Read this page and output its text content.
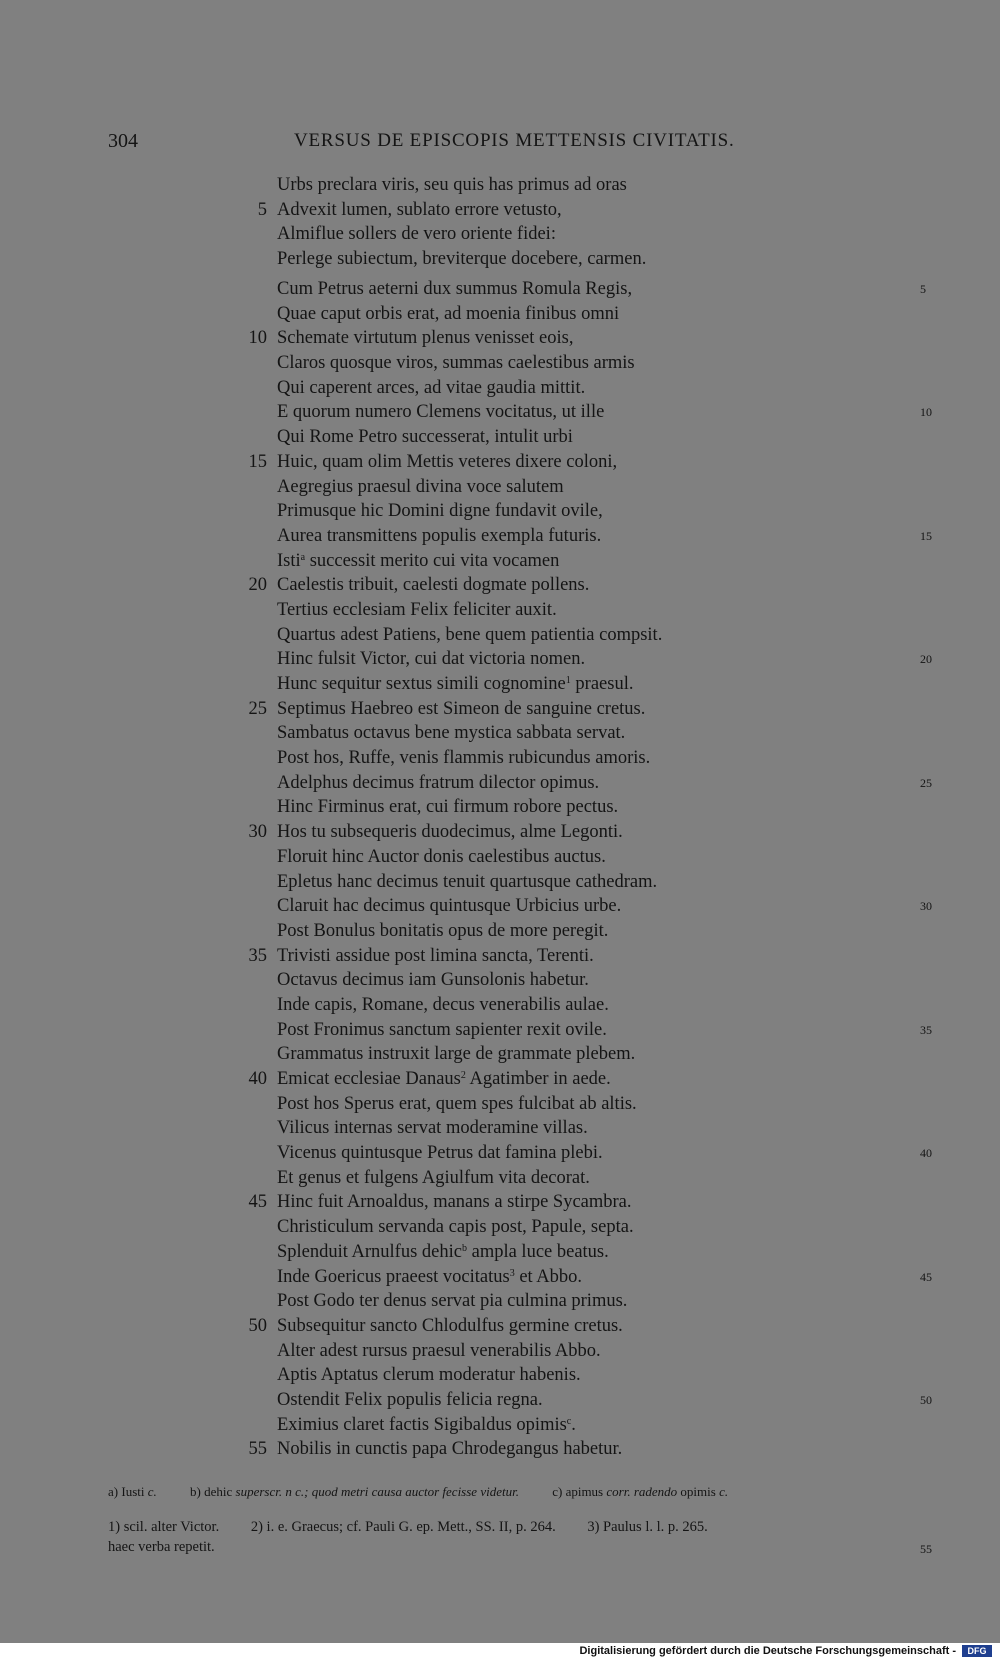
304	VERSUS DE EPISCOPIS METTENSIS CIVITATIS.
Urbs preclara viris, seu quis has primus ad oras
5 Advexit lumen, sublato errore vetusto,
Almiflue sollers de vero oriente fidei:
Perlege subiectum, breviterque docebere, carmen.
Cum Petrus aeterni dux summus Romula Regis,	5
Quae caput orbis erat, ad moenia finibus omni
10 Schemate virtutum plenus venisset eois,
Claros quosque viros, summas caelestibus armis
Qui caperent arces, ad vitae gaudia mittit.
E quorum numero Clemens vocitatus, ut ille	10
Qui Rome Petro successerat, intulit urbi
15 Huic, quam olim Mettis veteres dixere coloni,
Aegregius praesul divina voce salutem
Primusque hic Domini digne fundavit ovile,
Aurea transmittens populis exempla futuris.	15
Isti$^a$ successit merito cui vita vocamen
20 Caelestis tribuit, caelesti dogmate pollens.
Tertius ecclesiam Felix feliciter auxit.
Quartus adest Patiens, bene quem patientia compsit.
Hinc fulsit Victor, cui dat victoria nomen.	20
Hunc sequitur sextus simili cognomine$^1$ praesul.
25 Septimus Haebreo est Simeon de sanguine cretus.
Sambatus octavus bene mystica sabbata servat.
Post hos, Ruffe, venis flammis rubicundus amoris.
Adelphus decimus fratrum dilector opimus.	25
Hinc Firminus erat, cui firmum robore pectus.
30 Hos tu subsequeris duodecimus, alme Legonti.
Floruit hinc Auctor donis caelestibus auctus.
Epletus hanc decimus tenuit quartusque cathedram.
Claruit hac decimus quintusque Urbicius urbe.	30
Post Bonulus bonitatis opus de more peregit.
35 Trivisti assidue post limina sancta, Terenti.
Octavus decimus iam Gunsolonis habetur.
Inde capis, Romane, decus venerabilis aulae.
Post Fronimus sanctum sapienter rexit ovile.	35
Grammatus instruxit large de grammate plebem.
40 Emicat ecclesiae Danaus$^2$ Agatimber in aede.
Post hos Sperus erat, quem spes fulcibat ab altis.
Vilicus internas servat moderamine villas.
Vicenus quintusque Petrus dat famina plebi.	40
Et genus et fulgens Agiulfum vita decorat.
45 Hinc fuit Arnoaldus, manans a stirpe Sycambra.
Christiculum servanda capis post, Papule, septa.
Splenduit Arnulfus dehic$^b$ ampla luce beatus.
Inde Goericus praeest vocitatus$^3$ et Abbo.	45
Post Godo ter denus servat pia culmina primus.
50 Subsequitur sancto Chlodulfus germine cretus.
Alter adest rursus praesul venerabilis Abbo.
Aptis Aptatus clerum moderatur habenis.
Ostendit Felix populis felicia regna.	50
Eximius claret factis Sigibaldus opimis$^c$.
55 Nobilis in cunctis papa Chrodegangus habetur.
a) Iusti c.	b) dehic superscr. n c.; quod metri causa auctor fecisse videtur.	c) apimus corr. radendo opimis c.
1) scil. alter Victor. 2) i. e. Graecus; cf. Pauli G. ep. Mett., SS. II, p. 264. 3) Paulus l. l. p. 265.
haec verba repetit.	55
Digitalisierung gefördert durch die Deutsche Forschungsgemeinschaft -	DFG
